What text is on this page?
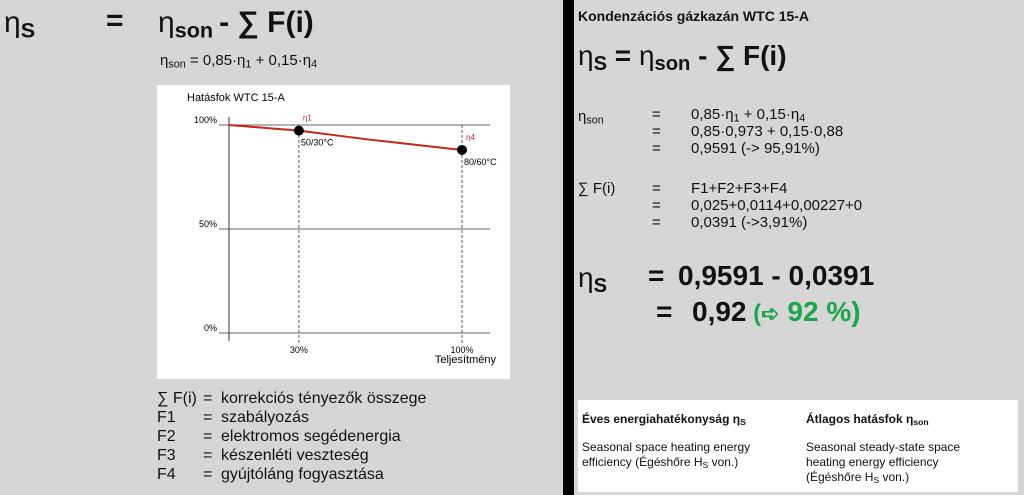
$\eta_S = \eta_{son}$ - ∑ F(i)
$\eta_{son} = 0,85\cdot\eta_1 + 0,15\cdot\eta_4$
Hatásfok WTC 15-A
0%
50%
100%
30%	100%
Teljesítmény
η1
50/30°C
η4
80/60°C
∑ F(i) = korrekciós tényezők összege
F1 = szabályozás
F2 = elektromos segédenergia
F3 = készenléti veszteség
F4 = gyújtóláng fogyasztása
Kondenzációs gázkazán WTC 15-A
$\eta_S = \eta_{son}$ - ∑ F(i)
$\eta_{son}$	= $0,85\cdot\eta_1 + 0,15\cdot\eta_4$
= 0,85·0,973 + 0,15·0,88
= 0,9591 (-> 95,91%)
∑ F(i) = F1+F2+F3+F4
= 0,025+0,0114+0,00227+0
= 0,0391 (->3,91%)
$\eta_S = 0,9591 - 0,0391$
= 0,92 (➪ 92 %)
Éves energiahatékonyság $\eta_S$
Seasonal space heating energy
efficiency (Égéshőre $H_S$ von.)
Átlagos hatásfok $\eta_{son}$
Seasonal steady-state space
heating energy efficiency
(Égéshőre $H_S$ von.)
